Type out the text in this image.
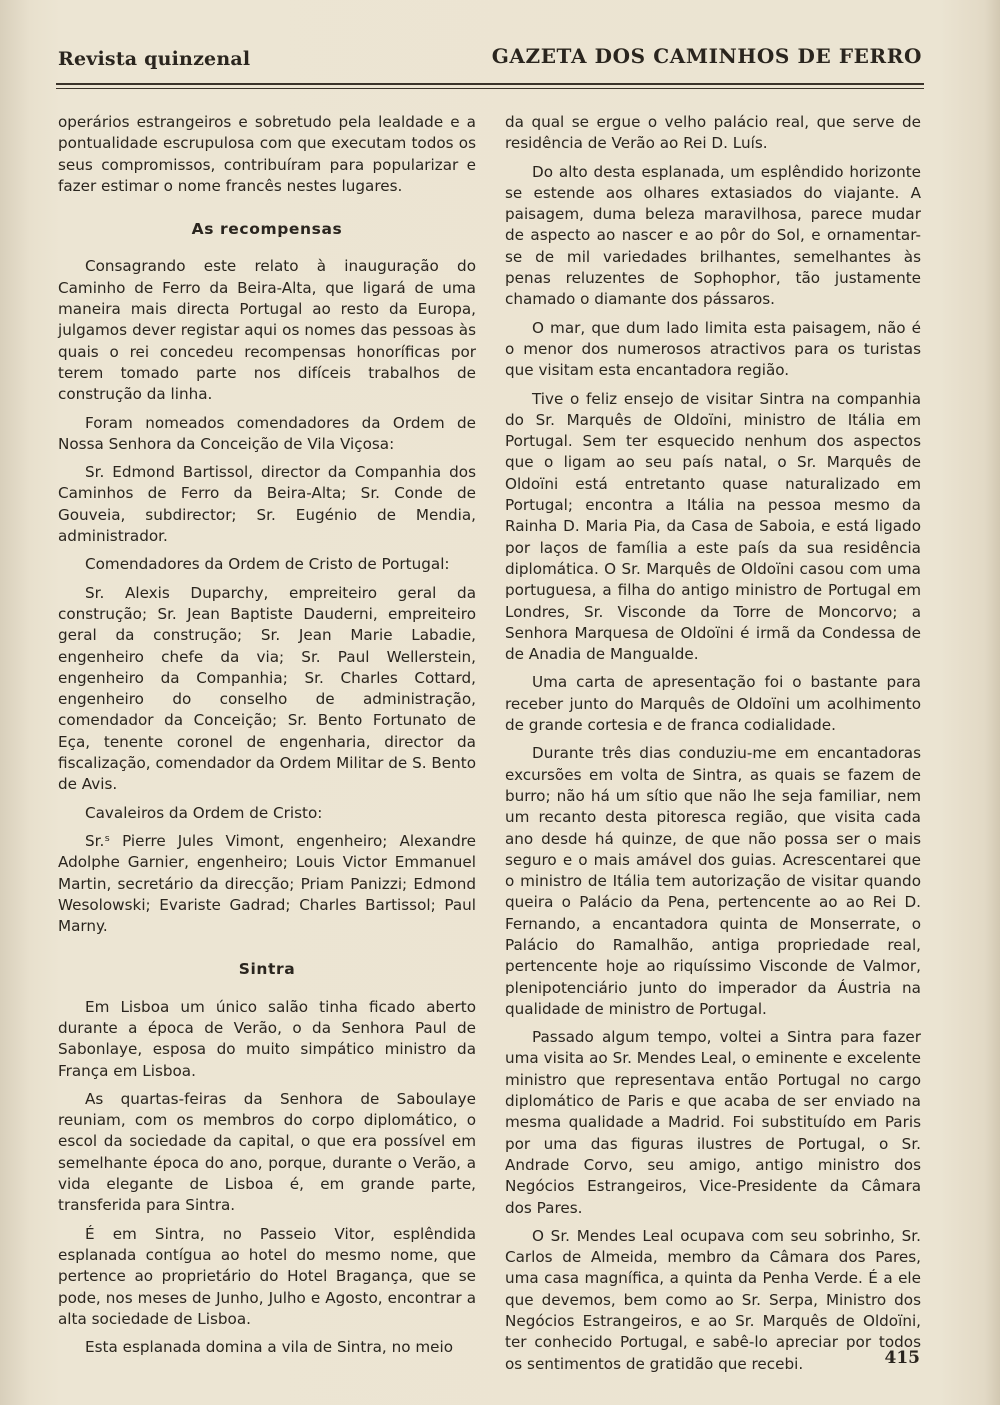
Revista quinzenal	GAZETA DOS CAMINHOS DE FERRO

operários estrangeiros e sobretudo pela lealdade e a pontualidade escrupulosa com que executam todos os seus compromissos, contribuíram para popularizar e fazer estimar o nome francês nestes lugares.

As recompensas

Consagrando este relato à inauguração do Caminho de Ferro da Beira-Alta, que ligará de uma maneira mais directa Portugal ao resto da Europa, julgamos dever registar aqui os nomes das pessoas às quais o rei concedeu recompensas honoríficas por terem tomado parte nos difíceis trabalhos de construção da linha.

Foram nomeados comendadores da Ordem de Nossa Senhora da Conceição de Vila Viçosa:

Sr. Edmond Bartissol, director da Companhia dos Caminhos de Ferro da Beira-Alta; Sr. Conde de Gouveia, subdirector; Sr. Eugénio de Mendia, administrador.

Comendadores da Ordem de Cristo de Portugal:

Sr. Alexis Duparchy, empreiteiro geral da construção; Sr. Jean Baptiste Dauderni, empreiteiro geral da construção; Sr. Jean Marie Labadie, engenheiro chefe da via; Sr. Paul Wellerstein, engenheiro da Companhia; Sr. Charles Cottard, engenheiro do conselho de administração, comendador da Conceição; Sr. Bento Fortunato de Eça, tenente coronel de engenharia, director da fiscalização, comendador da Ordem Militar de S. Bento de Avis.

Cavaleiros da Ordem de Cristo:

Sr.ˢ Pierre Jules Vimont, engenheiro; Alexandre Adolphe Garnier, engenheiro; Louis Victor Emmanuel Martin, secretário da direcção; Priam Panizzi; Edmond Wesolowski; Evariste Gadrad; Charles Bartissol; Paul Marny.

Sintra

Em Lisboa um único salão tinha ficado aberto durante a época de Verão, o da Senhora Paul de Sabonlaye, esposa do muito simpático ministro da França em Lisboa.

As quartas-feiras da Senhora de Saboulaye reuniam, com os membros do corpo diplomático, o escol da sociedade da capital, o que era possível em semelhante época do ano, porque, durante o Verão, a vida elegante de Lisboa é, em grande parte, transferida para Sintra.

É em Sintra, no Passeio Vitor, esplêndida esplanada contígua ao hotel do mesmo nome, que pertence ao proprietário do Hotel Bragança, que se pode, nos meses de Junho, Julho e Agosto, encontrar a alta sociedade de Lisboa.

Esta esplanada domina a vila de Sintra, no meio

da qual se ergue o velho palácio real, que serve de residência de Verão ao Rei D. Luís.

Do alto desta esplanada, um esplêndido horizonte se estende aos olhares extasiados do viajante. A paisagem, duma beleza maravilhosa, parece mudar de aspecto ao nascer e ao pôr do Sol, e ornamentar-se de mil variedades brilhantes, semelhantes às penas reluzentes de Sophophor, tão justamente chamado o diamante dos pássaros.

O mar, que dum lado limita esta paisagem, não é o menor dos numerosos atractivos para os turistas que visitam esta encantadora região.

Tive o feliz ensejo de visitar Sintra na companhia do Sr. Marquês de Oldoïni, ministro de Itália em Portugal. Sem ter esquecido nenhum dos aspectos que o ligam ao seu país natal, o Sr. Marquês de Oldoïni está entretanto quase naturalizado em Portugal; encontra a Itália na pessoa mesmo da Rainha D. Maria Pia, da Casa de Saboia, e está ligado por laços de família a este país da sua residência diplomática. O Sr. Marquês de Oldoïni casou com uma portuguesa, a filha do antigo ministro de Portugal em Londres, Sr. Visconde da Torre de Moncorvo; a Senhora Marquesa de Oldoïni é irmã da Condessa de de Anadia de Mangualde.

Uma carta de apresentação foi o bastante para receber junto do Marquês de Oldoïni um acolhimento de grande cortesia e de franca codialidade.

Durante três dias conduziu-me em encantadoras excursões em volta de Sintra, as quais se fazem de burro; não há um sítio que não lhe seja familiar, nem um recanto desta pitoresca região, que visita cada ano desde há quinze, de que não possa ser o mais seguro e o mais amável dos guias. Acrescentarei que o ministro de Itália tem autorização de visitar quando queira o Palácio da Pena, pertencente ao ao Rei D. Fernando, a encantadora quinta de Monserrate, o Palácio do Ramalhão, antiga propriedade real, pertencente hoje ao riquíssimo Visconde de Valmor, plenipotenciário junto do imperador da Áustria na qualidade de ministro de Portugal.

Passado algum tempo, voltei a Sintra para fazer uma visita ao Sr. Mendes Leal, o eminente e excelente ministro que representava então Portugal no cargo diplomático de Paris e que acaba de ser enviado na mesma qualidade a Madrid. Foi substituído em Paris por uma das figuras ilustres de Portugal, o Sr. Andrade Corvo, seu amigo, antigo ministro dos Negócios Estrangeiros, Vice-Presidente da Câmara dos Pares.

O Sr. Mendes Leal ocupava com seu sobrinho, Sr. Carlos de Almeida, membro da Câmara dos Pares, uma casa magnífica, a quinta da Penha Verde. É a ele que devemos, bem como ao Sr. Serpa, Ministro dos Negócios Estrangeiros, e ao Sr. Marquês de Oldoïni, ter conhecido Portugal, e sabê-lo apreciar por todos os sentimentos de gratidão que recebi.	415
